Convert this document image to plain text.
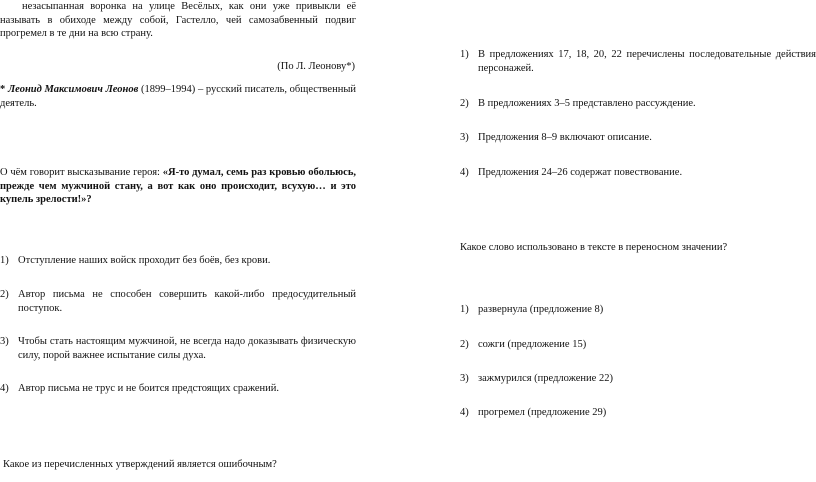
незасыпанная воронка на улице Весёлых, как они уже привыкли её называть в обиходе между собой, Гастелло, чей самозабвенный подвиг прогремел в те дни на всю страну.

(По Л. Леонову*)
* Леонид Максимович Леонов (1899–1994) – русский писатель, общественный деятель.
О чём говорит высказывание героя: «Я-то думал, семь раз кровью обольюсь, прежде чем мужчиной стану, а вот как оно происходит, всухую… и это купель зрелости!»?
1) Отступление наших войск проходит без боёв, без крови.
2) Автор письма не способен совершить какой-либо предосудительный поступок.
3) Чтобы стать настоящим мужчиной, не всегда надо доказывать физическую силу, порой важнее испытание силы духа.
4) Автор письма не трус и не боится предстоящих сражений.
Какое из перечисленных утверждений является ошибочным?
1) В предложениях 17, 18, 20, 22 перечислены последовательные действия персонажей.
2) В предложениях 3–5 представлено рассуждение.
3) Предложения 8–9 включают описание.
4) Предложения 24–26 содержат повествование.
Какое слово использовано в тексте в переносном значении?
1) развернула (предложение 8)
2) сожги (предложение 15)
3) зажмурился (предложение 22)
4) прогремел (предложение 29)
